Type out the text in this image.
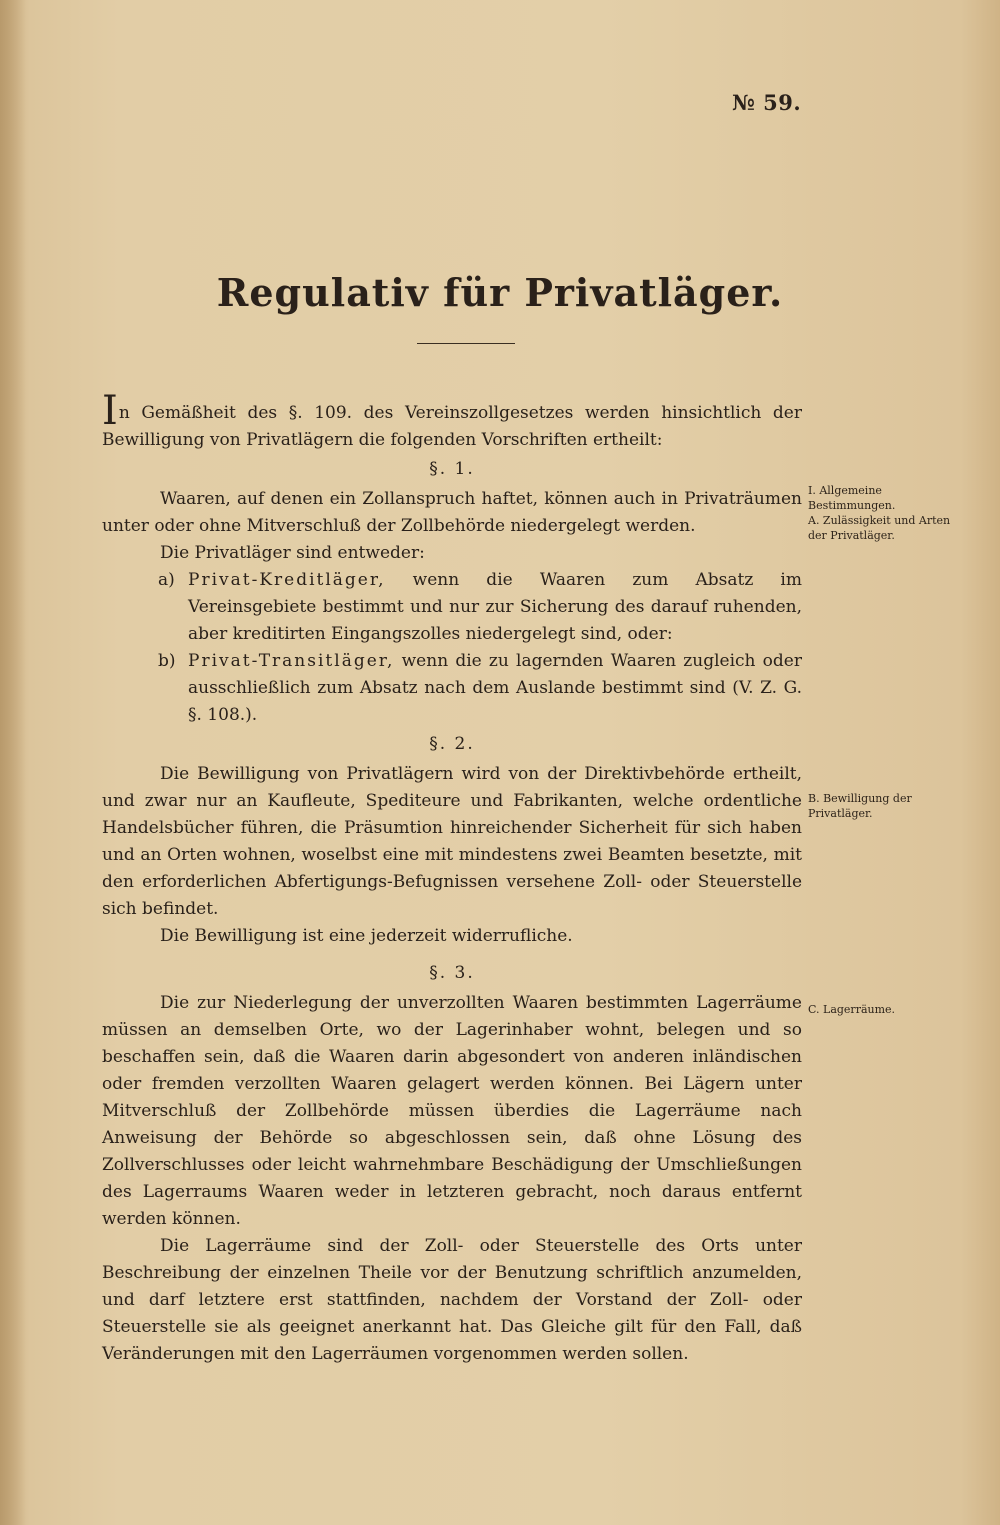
№ 59.
Regulativ für Privatläger.

In Gemäßheit des §. 109. des Vereinszollgesetzes werden hinsichtlich der Bewilligung von Privatlägern die folgenden Vorschriften ertheilt:

§. 1.

Waaren, auf denen ein Zollanspruch haftet, können auch in Privaträumen unter oder ohne Mitverschluß der Zollbehörde niedergelegt werden.

Die Privatläger sind entweder:

a) Privat-Kreditläger, wenn die Waaren zum Absatz im Vereinsgebiete bestimmt und nur zur Sicherung des darauf ruhenden, aber kreditirten Eingangszolles niedergelegt sind, oder:
b) Privat-Transitläger, wenn die zu lagernden Waaren zugleich oder ausschließlich zum Absatz nach dem Auslande bestimmt sind (V. Z. G. §. 108.).
§. 2.

Die Bewilligung von Privatlägern wird von der Direktivbehörde ertheilt, und zwar nur an Kaufleute, Spediteure und Fabrikanten, welche ordentliche Handelsbücher führen, die Präsumtion hinreichender Sicherheit für sich haben und an Orten wohnen, woselbst eine mit mindestens zwei Beamten besetzte, mit den erforderlichen Abfertigungs-Befugnissen versehene Zoll- oder Steuerstelle sich befindet.

Die Bewilligung ist eine jederzeit widerrufliche.

§. 3.

Die zur Niederlegung der unverzollten Waaren bestimmten Lagerräume müssen an demselben Orte, wo der Lagerinhaber wohnt, belegen und so beschaffen sein, daß die Waaren darin abgesondert von anderen inländischen oder fremden verzollten Waaren gelagert werden können. Bei Lägern unter Mitverschluß der Zollbehörde müssen überdies die Lagerräume nach Anweisung der Behörde so abgeschlossen sein, daß ohne Lösung des Zollverschlusses oder leicht wahrnehmbare Beschädigung der Umschließungen des Lagerraums Waaren weder in letzteren gebracht, noch daraus entfernt werden können.

Die Lagerräume sind der Zoll- oder Steuerstelle des Orts unter Beschreibung der einzelnen Theile vor der Benutzung schriftlich anzumelden, und darf letztere erst stattfinden, nachdem der Vorstand der Zoll- oder Steuerstelle sie als geeignet anerkannt hat. Das Gleiche gilt für den Fall, daß Veränderungen mit den Lagerräumen vorgenommen werden sollen.

I. Allgemeine Bestimmungen.
A. Zulässigkeit und Arten der Privatläger.
B. Bewilligung der Privatläger.
C. Lagerräume.
